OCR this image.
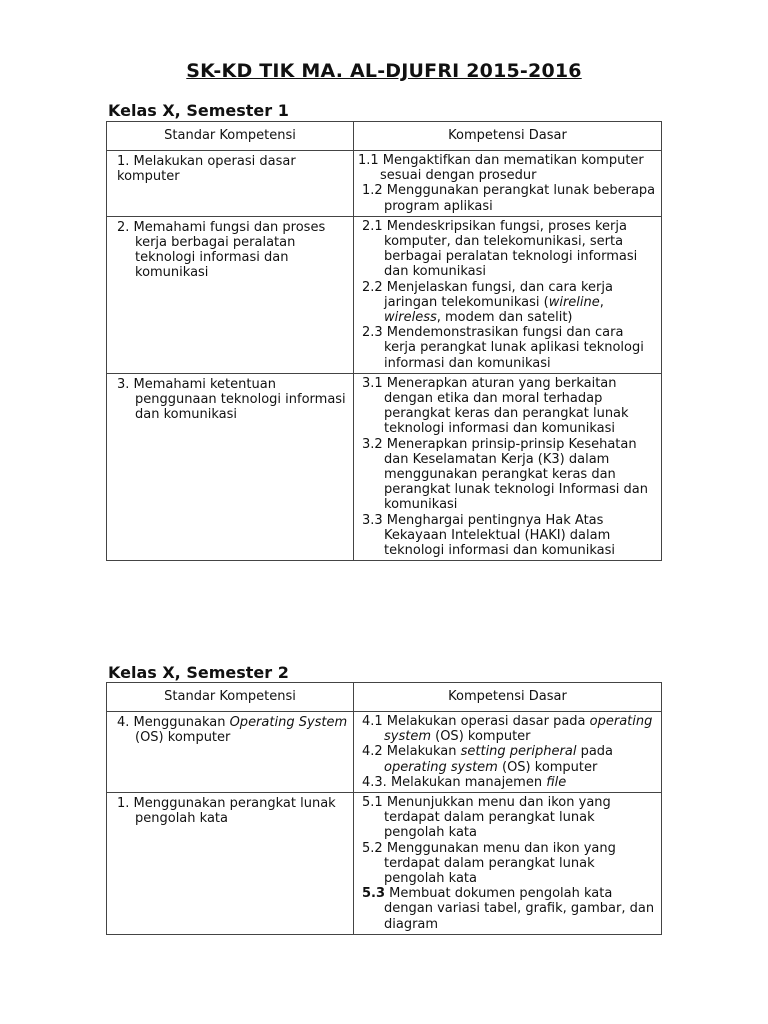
SK-KD TIK MA. AL-DJUFRI 2015-2016
Kelas X, Semester 1
Standar Kompetensi	Kompetensi Dasar

1. Melakukan operasi dasar komputer	1.1 Mengaktifkan dan mematikan komputer sesuai dengan prosedur
1.2 Menggunakan perangkat lunak beberapa program aplikasi

2. Memahami fungsi dan proses kerja berbagai peralatan teknologi informasi dan komunikasi	2.1 Mendeskripsikan fungsi, proses kerja komputer, dan telekomunikasi, serta berbagai peralatan teknologi informasi dan komunikasi
2.2 Menjelaskan fungsi, dan cara kerja jaringan telekomunikasi (wireline, wireless, modem dan satelit)
2.3 Mendemonstrasikan fungsi dan cara kerja perangkat lunak aplikasi teknologi informasi dan komunikasi

3. Memahami ketentuan penggunaan teknologi informasi dan komunikasi	3.1 Menerapkan aturan yang berkaitan dengan etika dan moral terhadap perangkat keras dan perangkat lunak teknologi informasi dan komunikasi
3.2 Menerapkan prinsip-prinsip Kesehatan dan Keselamatan Kerja (K3) dalam menggunakan perangkat keras dan perangkat lunak teknologi Informasi dan komunikasi
3.3 Menghargai pentingnya Hak Atas Kekayaan Intelektual (HAKI) dalam teknologi informasi dan komunikasi
Kelas X, Semester 2
Standar Kompetensi	Kompetensi Dasar

4. Menggunakan Operating System (OS) komputer	4.1 Melakukan operasi dasar pada operating system (OS) komputer
4.2 Melakukan setting peripheral pada operating system (OS) komputer
4.3. Melakukan manajemen file

1. Menggunakan perangkat lunak pengolah kata	5.1 Menunjukkan menu dan ikon yang terdapat dalam perangkat lunak pengolah kata
5.2 Menggunakan menu dan ikon yang terdapat dalam perangkat lunak pengolah kata
5.3 Membuat dokumen pengolah kata dengan variasi tabel, grafik, gambar, dan diagram
